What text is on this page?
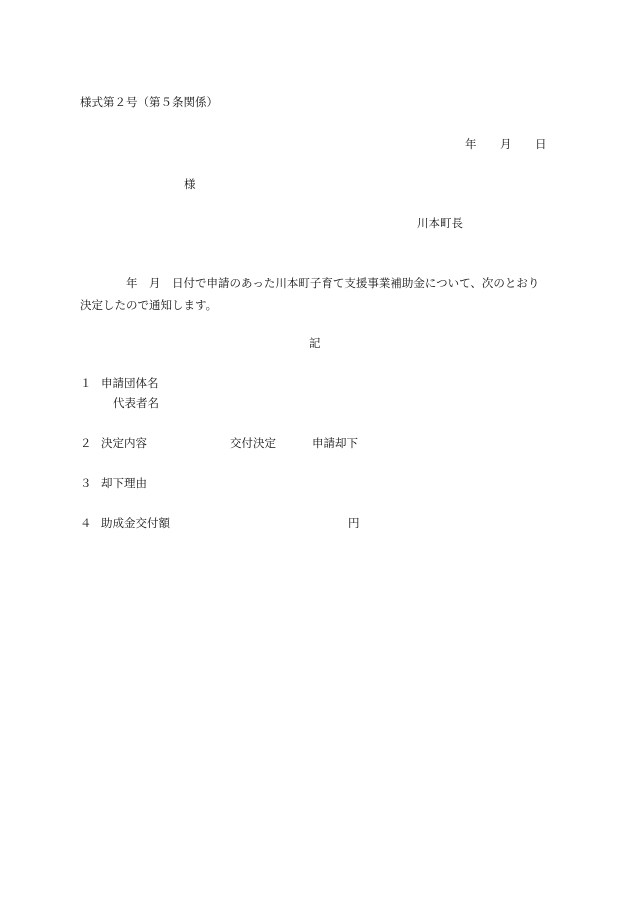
様式第２号（第５条関係）
年 月 日
様
川本町長
年　月　日付で申請のあった川本町子育て支援事業補助金について、次のとおり
決定したので通知します。
記
１ 申請団体名
代表者名
２ 決定内容	交付決定	申請却下
３ 却下理由
４ 助成金交付額	円
